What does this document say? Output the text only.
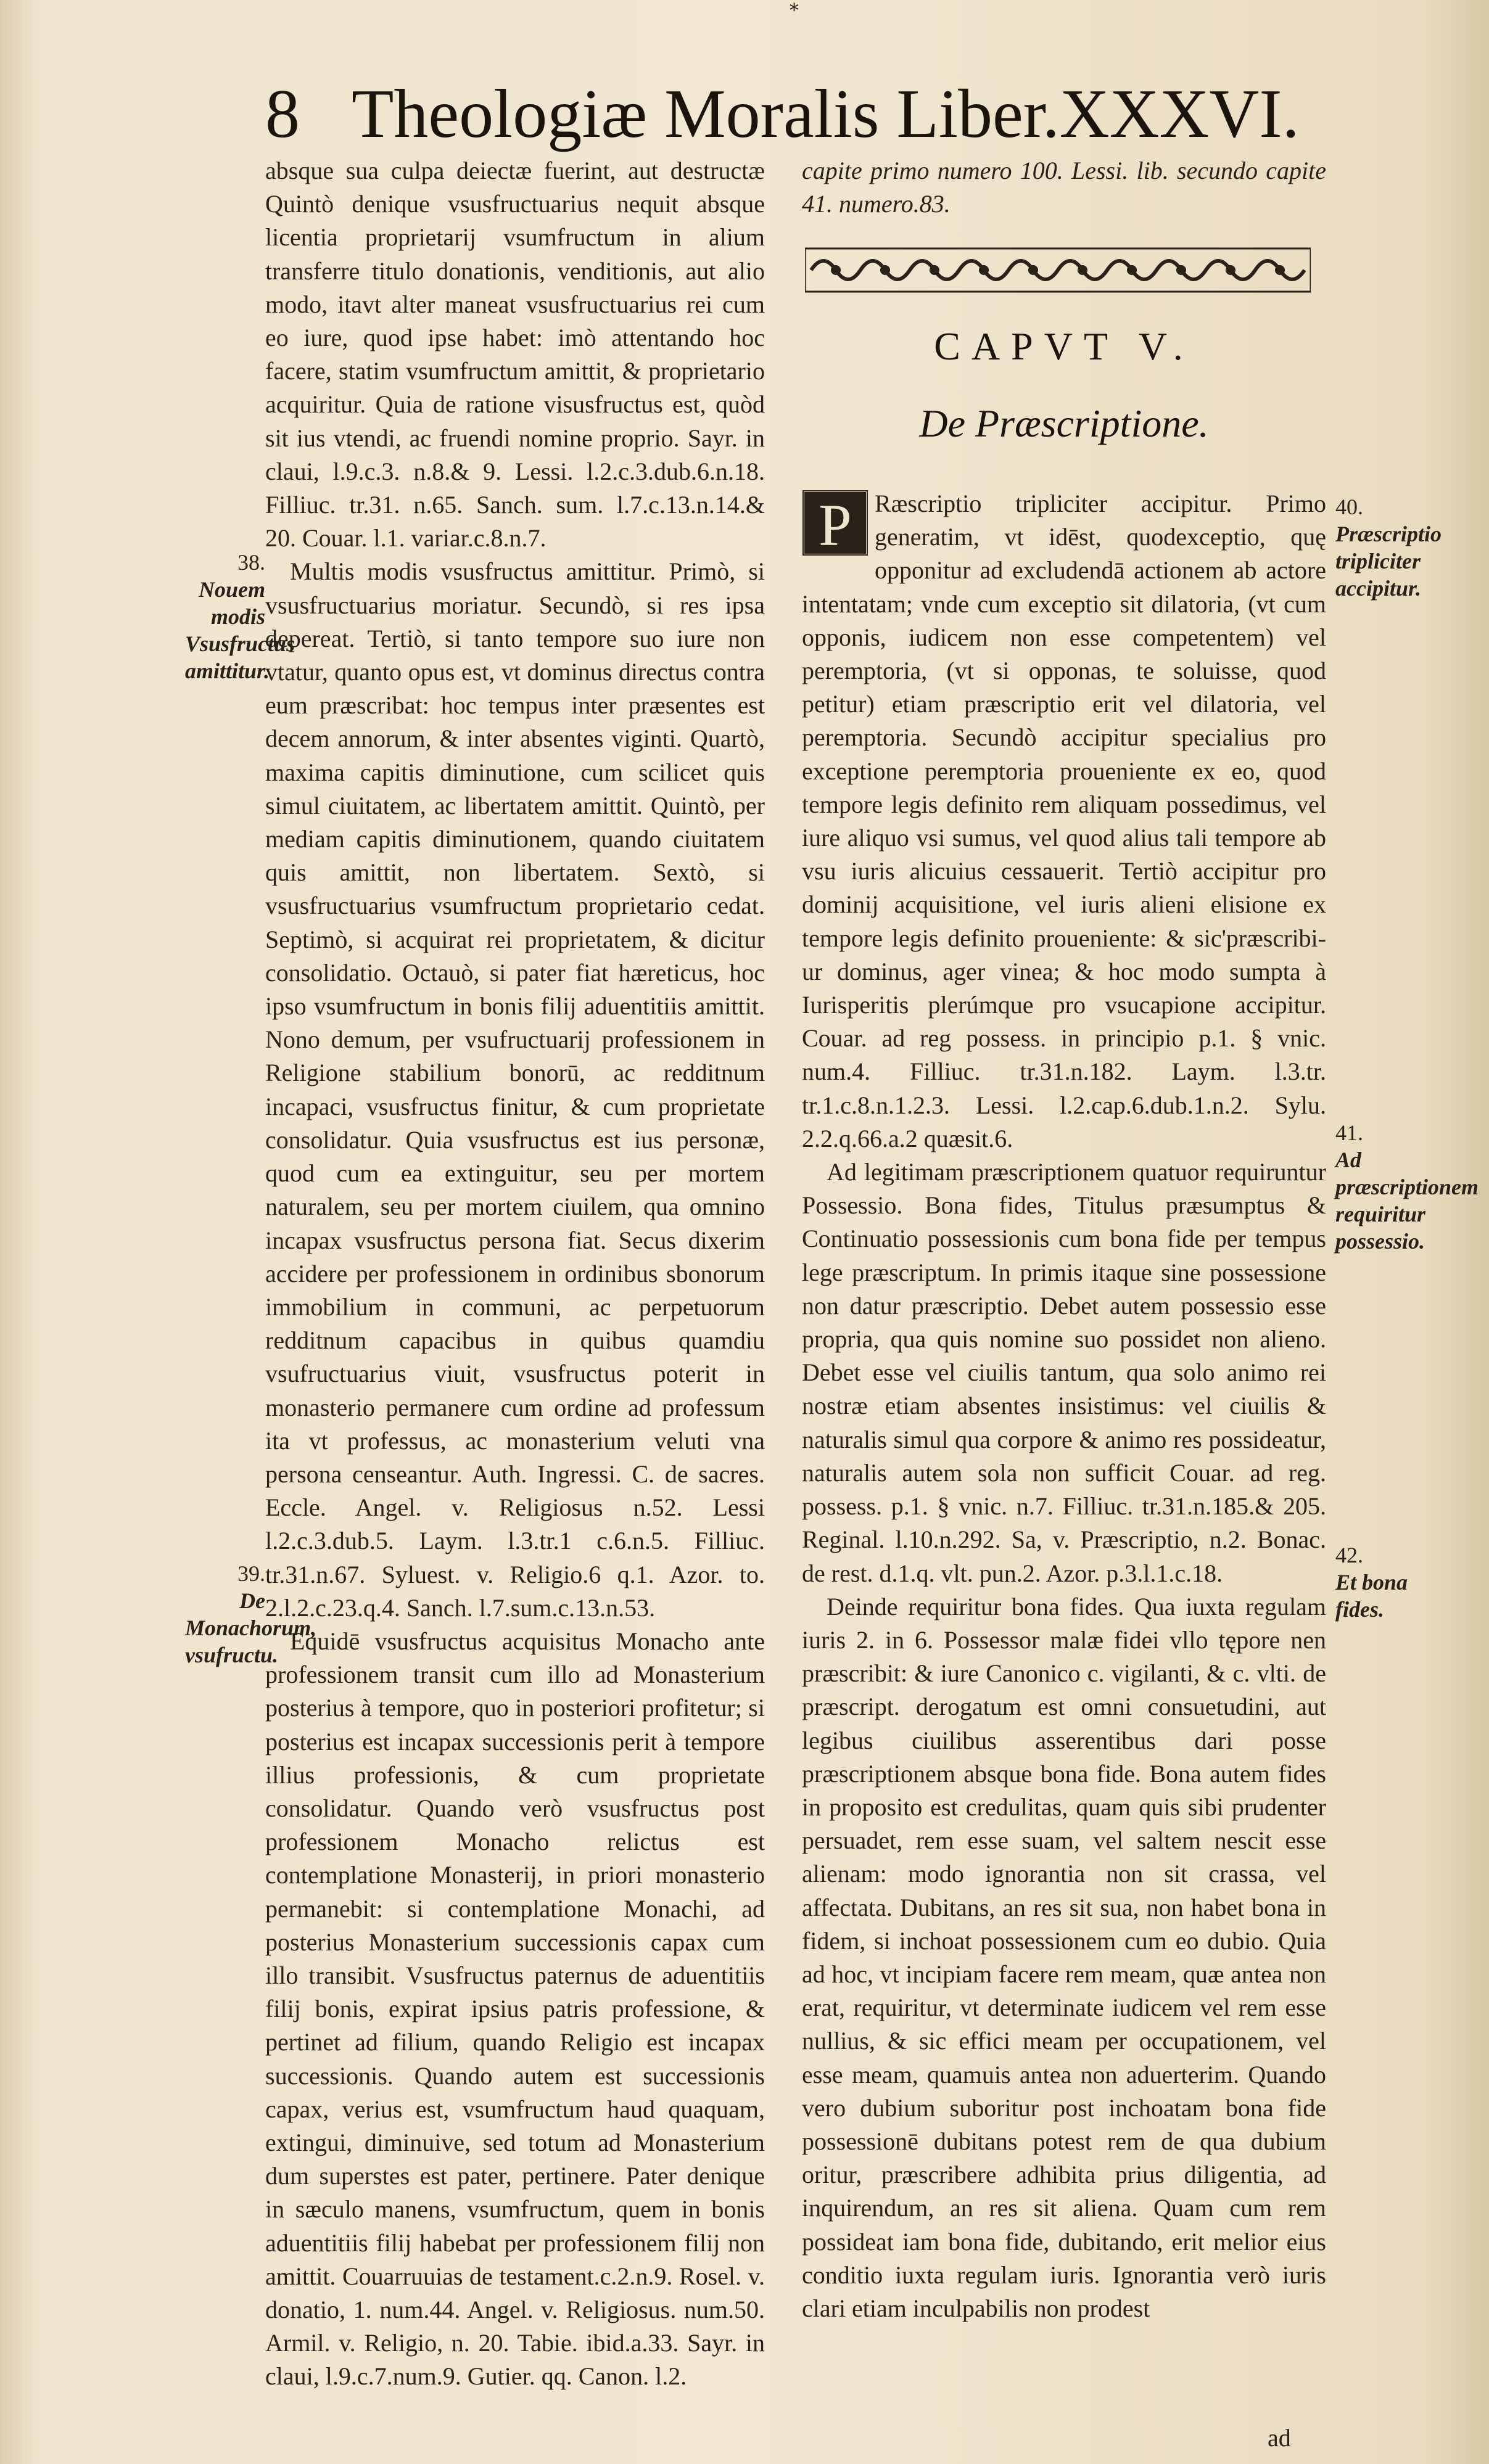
*
8 Theologiæ Moralis Liber.XXXVI.
38.
Nouem modis Vsusfructus amittitur.
39.
De Monachorum, vsufructu.

absque sua culpa deiectæ fuerint, aut destructæ Quintò denique vsusfructuarius nequit absque licentia proprietarij vsumfructum in alium transferre titulo donationis, venditionis, aut alio modo, itavt alter maneat vsusfructuarius rei cum eo iure, quod ipse habet: imò attentando hoc facere, statim vsumfructum amittit, & proprietario acquiritur. Quia de ratione visusfructus est, quòd sit ius vtendi, ac fruendi nomine proprio. Sayr. in claui, l.9.c.3. n.8.& 9. Lessi. l.2.c.3.dub.6.n.18. Filliuc. tr.31. n.65. Sanch. sum. l.7.c.13.n.14.& 20. Couar. l.1. variar.c.8.n.7.

Multis modis vsusfructus amittitur. Primò, si vsusfructuarius moriatur. Secundò, si res ipsa depereat. Tertiò, si tanto tempore suo iure non vtatur, quanto opus est, vt dominus directus contra eum præscribat: hoc tempus inter præsentes est decem annorum, & inter absentes viginti. Quartò, maxima capitis diminutione, cum scilicet quis simul ciuitatem, ac libertatem amittit. Quintò, per mediam capitis diminutionem, quando ciuitatem quis amittit, non libertatem. Sextò, si vsusfructuarius vsumfructum proprietario cedat. Septimò, si acquirat rei proprietatem, & dicitur consolidatio. Octauò, si pater fiat hæreticus, hoc ipso vsumfructum in bonis filij aduentitiis amittit. Nono demum, per vsufructuarij professionem in Religione stabilium bonorū, ac redditnum incapaci, vsusfructus finitur, & cum proprietate consolidatur. Quia vsusfructus est ius personæ, quod cum ea extinguitur, seu per mortem naturalem, seu per mortem ciuilem, qua omnino incapax vsusfructus persona fiat. Secus dixerim accidere per professionem in ordinibus sbonorum immobilium in communi, ac perpetuorum redditnum capacibus in quibus quamdiu vsufructuarius viuit, vsusfructus poterit in monasterio permanere cum ordine ad professum ita vt professus, ac monasterium veluti vna persona censeantur. Auth. Ingressi. C. de sacres. Eccle. Angel. v. Religiosus n.52. Lessi l.2.c.3.dub.5. Laym. l.3.tr.1 c.6.n.5. Filliuc. tr.31.n.67. Syluest. v. Religio.6 q.1. Azor. to. 2.l.2.c.23.q.4. Sanch. l.7.sum.c.13.n.53.

Equidē vsusfructus acquisitus Monacho ante professionem transit cum illo ad Monasterium posterius à tempore, quo in posteriori profitetur; si posterius est incapax successionis perit à tempore illius professionis, & cum proprietate consolidatur. Quando verò vsusfructus post professionem Monacho relictus est contemplatione Monasterij, in priori monasterio permanebit: si contemplatione Monachi, ad posterius Monasterium successionis capax cum illo transibit. Vsusfructus paternus de aduentitiis filij bonis, expirat ipsius patris professione, & pertinet ad filium, quando Religio est incapax successionis. Quando autem est successionis capax, verius est, vsumfructum haud quaquam, extingui, diminuive, sed totum ad Monasterium dum superstes est pater, pertinere. Pater denique in sæculo manens, vsumfructum, quem in bonis aduentitiis filij habebat per professionem filij non amittit. Couarruuias de testament.c.2.n.9. Rosel. v. donatio, 1. num.44. Angel. v. Religiosus. num.50. Armil. v. Religio, n. 20. Tabie. ibid.a.33. Sayr. in claui, l.9.c.7.num.9. Gutier. qq. Canon. l.2.

capite primo numero 100. Lessi. lib. secundo capite 41. numero.83.

CAPVT V.
De Præscriptione.
40.
Præscriptio tripliciter accipitur.
41.
Ad præscriptionem requiritur possessio.
42.
Et bona fides.

P Ræscriptio tripliciter accipitur. Primo generatim, vt idēst, quodexceptio, quę opponitur ad excludendā actionem ab actore intentatam; vnde cum exceptio sit dilatoria, (vt cum opponis, iudicem non esse competentem) vel peremptoria, (vt si opponas, te soluisse, quod petitur) etiam præscriptio erit vel dilatoria, vel peremptoria. Secundò accipitur specialius pro exceptione peremptoria proueniente ex eo, quod tempore legis definito rem aliquam possedimus, vel iure aliquo vsi sumus, vel quod alius tali tempore ab vsu iuris alicuius cessauerit. Tertiò accipitur pro dominij acquisitione, vel iuris alieni elisione ex tempore legis definito proueniente: & sic'præscribi-ur dominus, ager vinea; & hoc modo sumpta à Iurisperitis plerúmque pro vsucapione accipitur. Couar. ad reg possess. in principio p.1. § vnic. num.4. Filliuc. tr.31.n.182. Laym. l.3.tr. tr.1.c.8.n.1.2.3. Lessi. l.2.cap.6.dub.1.n.2. Sylu. 2.2.q.66.a.2 quæsit.6.

Ad legitimam præscriptionem quatuor requiruntur Possessio. Bona fides, Titulus præsumptus & Continuatio possessionis cum bona fide per tempus lege præscriptum. In primis itaque sine possessione non datur præscriptio. Debet autem possessio esse propria, qua quis nomine suo possidet non alieno. Debet esse vel ciuilis tantum, qua solo animo rei nostræ etiam absentes insistimus: vel ciuilis & naturalis simul qua corpore & animo res possideatur, naturalis autem sola non sufficit Couar. ad reg. possess. p.1. § vnic. n.7. Filliuc. tr.31.n.185.& 205. Reginal. l.10.n.292. Sa, v. Præscriptio, n.2. Bonac. de rest. d.1.q. vlt. pun.2. Azor. p.3.l.1.c.18.

Deinde requiritur bona fides. Qua iuxta regulam iuris 2. in 6. Possessor malæ fidei vllo tępore nen præscribit: & iure Canonico c. vigilanti, & c. vlti. de præscript. derogatum est omni consuetudini, aut legibus ciuilibus asserentibus dari posse præscriptionem absque bona fide. Bona autem fides in proposito est credulitas, quam quis sibi prudenter persuadet, rem esse suam, vel saltem nescit esse alienam: modo ignorantia non sit crassa, vel affectata. Dubitans, an res sit sua, non habet bona in fidem, si inchoat possessionem cum eo dubio. Quia ad hoc, vt incipiam facere rem meam, quæ antea non erat, requiritur, vt determinate iudicem vel rem esse nullius, & sic effici meam per occupationem, vel esse meam, quamuis antea non aduerterim. Quando vero dubium suboritur post inchoatam bona fide possessionē dubitans potest rem de qua dubium oritur, præscribere adhibita prius diligentia, ad inquirendum, an res sit aliena. Quam cum rem possideat iam bona fide, dubitando, erit melior eius conditio iuxta regulam iuris. Ignorantia verò iuris clari etiam inculpabilis non prodest

ad
